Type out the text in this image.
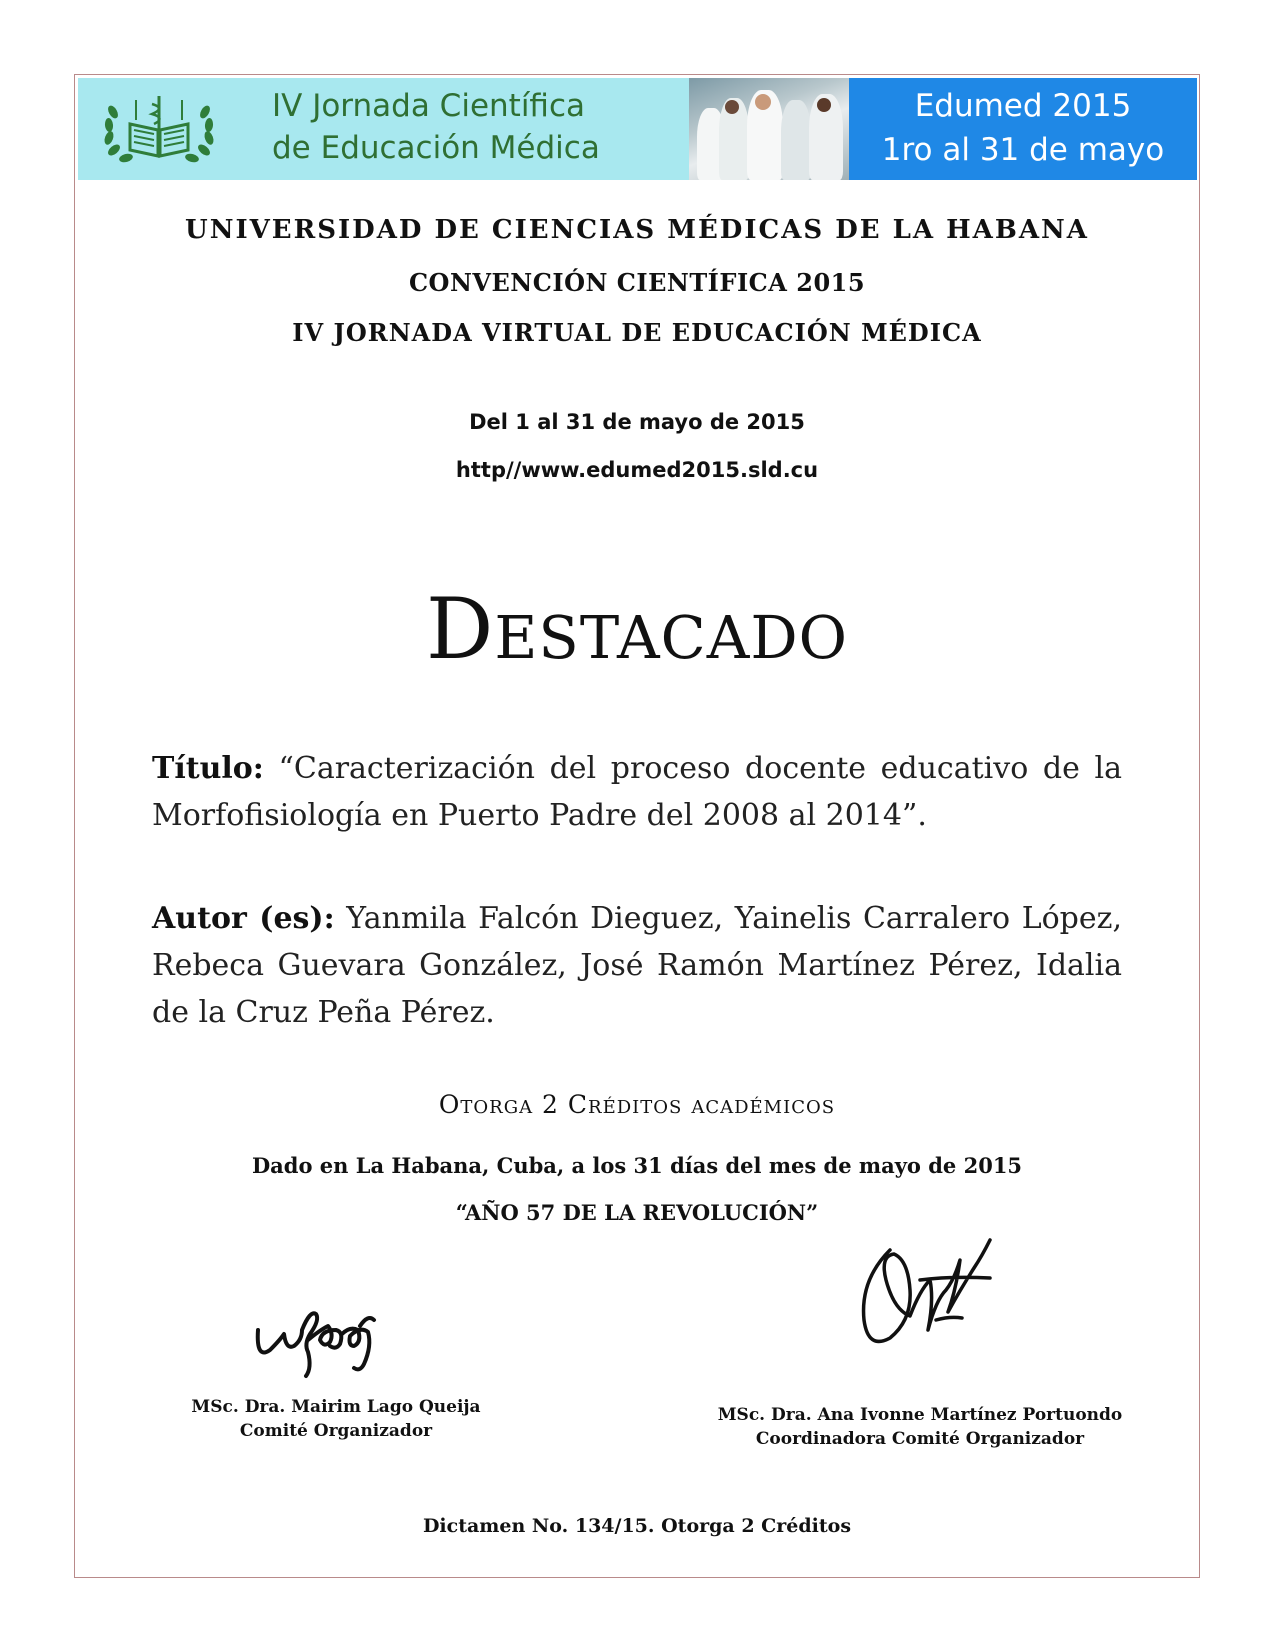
IV Jornada Científica
de Educación Médica
Edumed 2015
1ro al 31 de mayo
UNIVERSIDAD DE CIENCIAS MÉDICAS DE LA HABANA
CONVENCIÓN CIENTÍFICA 2015
IV JORNADA VIRTUAL DE EDUCACIÓN MÉDICA
Del 1 al 31 de mayo de 2015
http//www.edumed2015.sld.cu
Destacado
Título: “Caracterización del proceso docente educativo de la Morfofisiología en Puerto Padre del 2008 al 2014”.
Autor (es): Yanmila Falcón Dieguez, Yainelis Carralero López, Rebeca Guevara González, José Ramón Martínez Pérez, Idalia de la Cruz Peña Pérez.
Otorga 2 Créditos académicos
Dado en La Habana, Cuba, a los 31 días del mes de mayo de 2015
“AÑO 57 DE LA REVOLUCIÓN”
MSc. Dra. Mairim Lago Queija
Comité Organizador
MSc. Dra. Ana Ivonne Martínez Portuondo
Coordinadora Comité Organizador
Dictamen No. 134/15. Otorga 2 Créditos
